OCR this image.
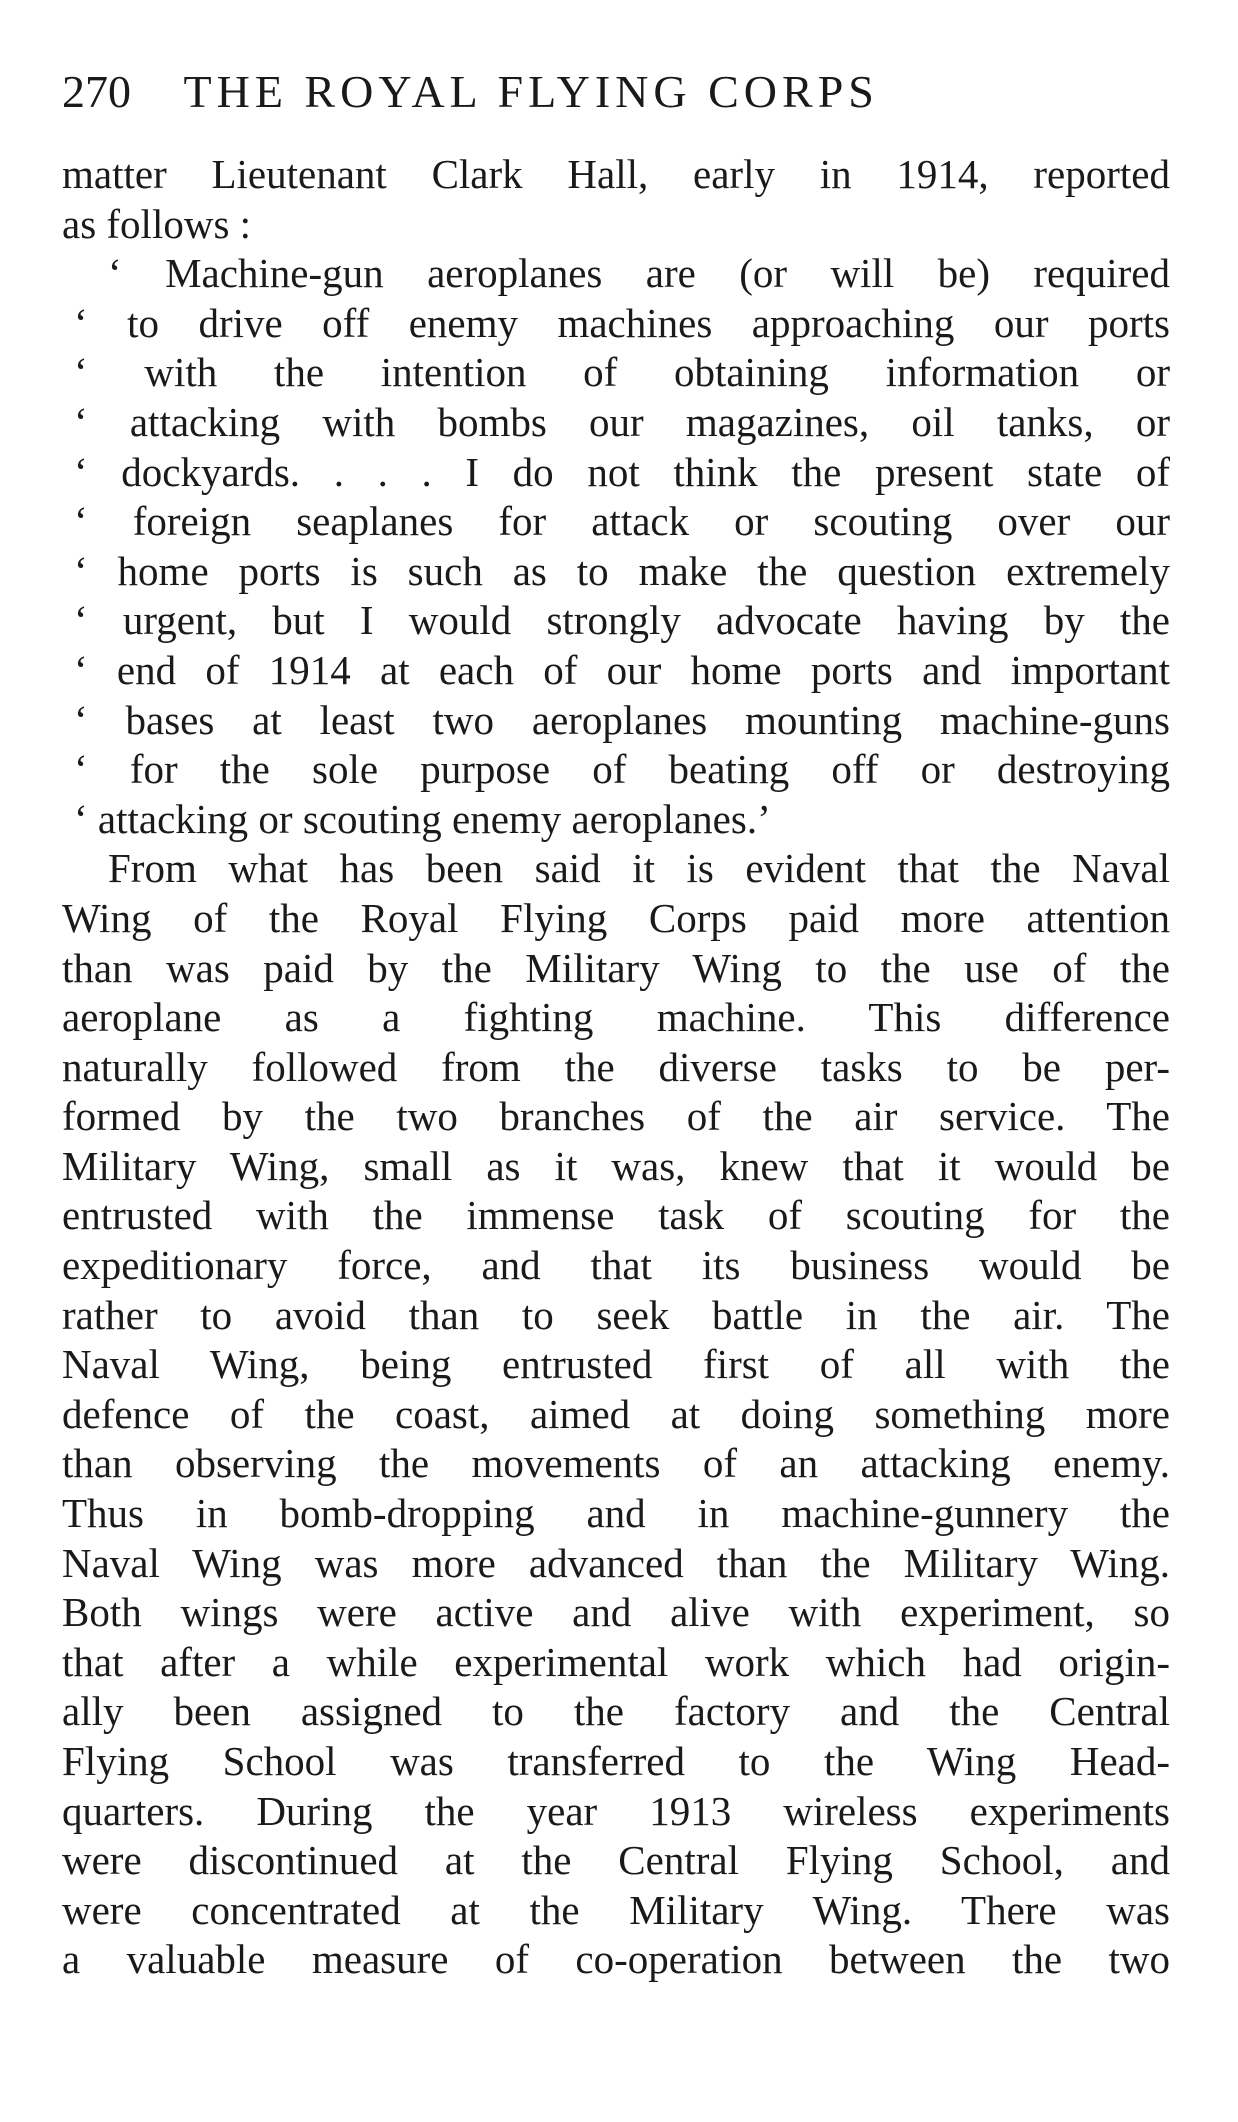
270 THE ROYAL FLYING CORPS
matter Lieutenant Clark Hall, early in 1914, reported
as follows :
‘ Machine-gun aeroplanes are (or will be) required
‘ to drive off enemy machines approaching our ports
‘ with the intention of obtaining information or
‘ attacking with bombs our magazines, oil tanks, or
‘ dockyards. . . . I do not think the present state of
‘ foreign seaplanes for attack or scouting over our
‘ home ports is such as to make the question extremely
‘ urgent, but I would strongly advocate having by the
‘ end of 1914 at each of our home ports and important
‘ bases at least two aeroplanes mounting machine-guns
‘ for the sole purpose of beating off or destroying
‘ attacking or scouting enemy aeroplanes.’
From what has been said it is evident that the Naval
Wing of the Royal Flying Corps paid more attention
than was paid by the Military Wing to the use of the
aeroplane as a fighting machine. This difference
naturally followed from the diverse tasks to be per-
formed by the two branches of the air service. The
Military Wing, small as it was, knew that it would be
entrusted with the immense task of scouting for the
expeditionary force, and that its business would be
rather to avoid than to seek battle in the air. The
Naval Wing, being entrusted first of all with the
defence of the coast, aimed at doing something more
than observing the movements of an attacking enemy.
Thus in bomb-dropping and in machine-gunnery the
Naval Wing was more advanced than the Military Wing.
Both wings were active and alive with experiment, so
that after a while experimental work which had origin-
ally been assigned to the factory and the Central
Flying School was transferred to the Wing Head-
quarters. During the year 1913 wireless experiments
were discontinued at the Central Flying School, and
were concentrated at the Military Wing. There was
a valuable measure of co-operation between the two
